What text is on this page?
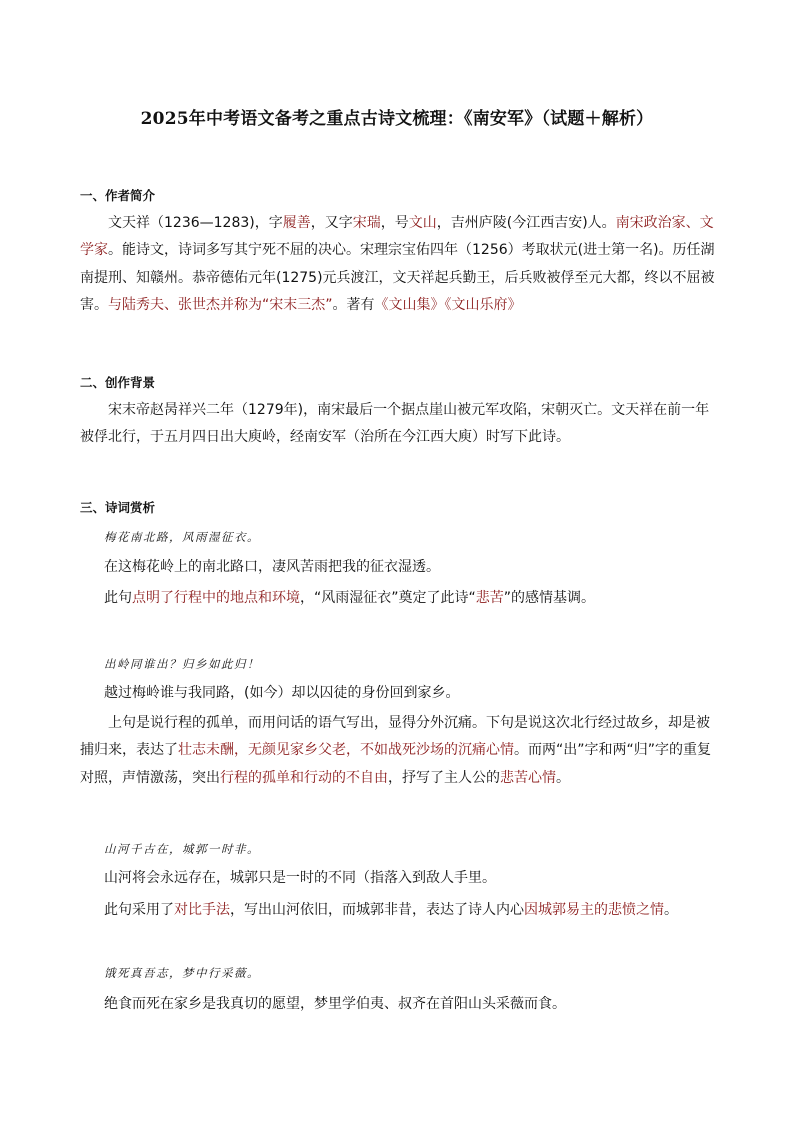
2025年中考语文备考之重点古诗文梳理：《南安军》（试题＋解析）
一、作者简介

文天祥（1236—1283)，字履善，又字宋瑞，号文山，吉州庐陵(今江西吉安)人。南宋政治家、文学家。能诗文，诗词多写其宁死不屈的决心。宋理宗宝佑四年（1256）考取状元(进士第一名)。历任湖南提刑、知赣州。恭帝德佑元年(1275)元兵渡江，文天祥起兵勤王，后兵败被俘至元大都，终以不屈被害。与陆秀夫、张世杰并称为“宋末三杰”。著有《文山集》《文山乐府》

二、创作背景

宋末帝赵昺祥兴二年（1279年)，南宋最后一个据点崖山被元军攻陷，宋朝灭亡。文天祥在前一年被俘北行，于五月四日出大庾岭，经南安军（治所在今江西大庾）时写下此诗。

三、诗词赏析

梅花南北路，风雨湿征衣。

在这梅花岭上的南北路口，凄风苦雨把我的征衣湿透。

此句点明了行程中的地点和环境，“风雨湿征衣”奠定了此诗“悲苦”的感情基调。

出岭同谁出？归乡如此归！

越过梅岭谁与我同路，(如今）却以囚徒的身份回到家乡。

上句是说行程的孤单，而用问话的语气写出，显得分外沉痛。下句是说这次北行经过故乡，却是被捕归来，表达了壮志未酬，无颜见家乡父老，不如战死沙场的沉痛心情。而两“出”字和两“归”字的重复对照，声情激荡，突出行程的孤单和行动的不自由，抒写了主人公的悲苦心情。

山河千古在，城郭一时非。

山河将会永远存在，城郭只是一时的不同（指落入到敌人手里。

此句采用了对比手法，写出山河依旧，而城郭非昔，表达了诗人内心因城郭易主的悲愤之情。

饿死真吾志，梦中行采薇。

绝食而死在家乡是我真切的愿望，梦里学伯夷、叔齐在首阳山头采薇而食。
